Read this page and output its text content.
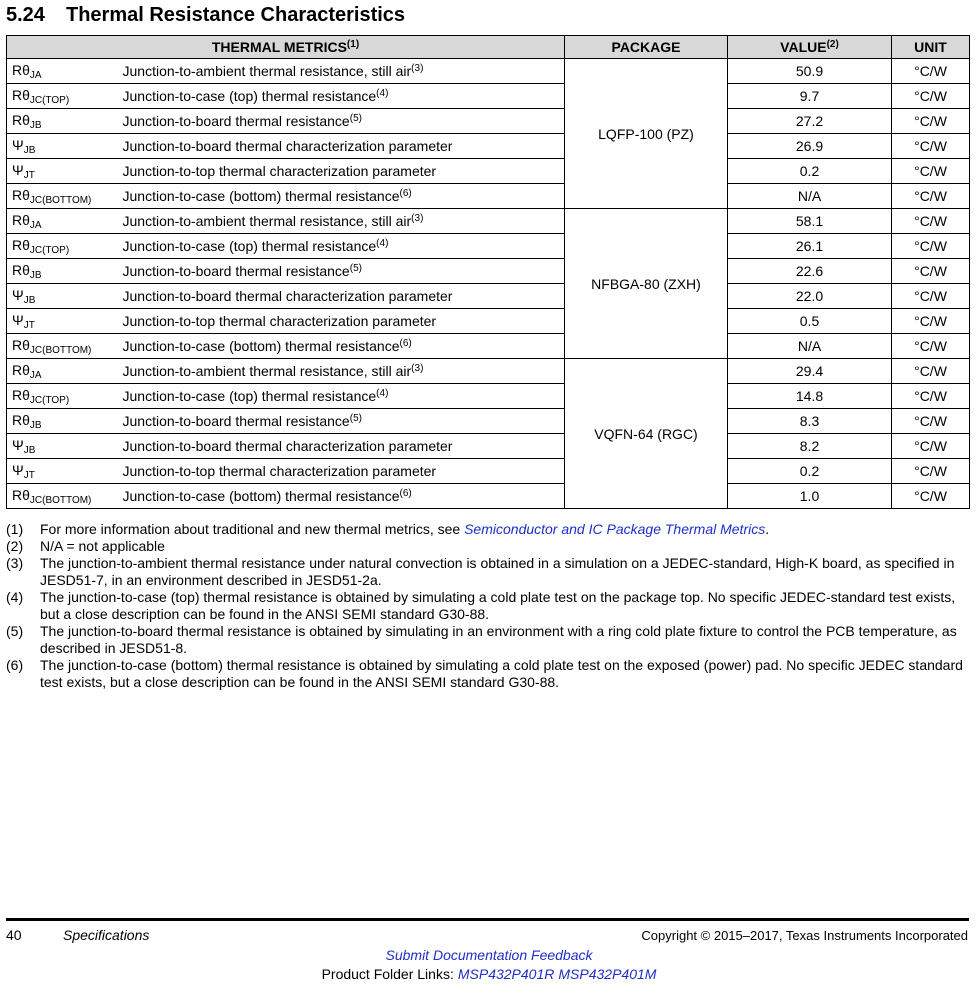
5.24 Thermal Resistance Characteristics
THERMAL METRICS$^{(1)}$		PACKAGE	VALUE$^{(2)}$	UNIT
$R\theta_{JA}$	Junction-to-ambient thermal resistance, still air$^{(3)}$	LQFP-100 (PZ)	50.9	°C/W
$R\theta_{JC(TOP)}$	Junction-to-case (top) thermal resistance$^{(4)}$		9.7	°C/W
$R\theta_{JB}$	Junction-to-board thermal resistance$^{(5)}$		27.2	°C/W
$\Psi_{JB}$	Junction-to-board thermal characterization parameter		26.9	°C/W
$\Psi_{JT}$	Junction-to-top thermal characterization parameter		0.2	°C/W
$R\theta_{JC(BOTTOM)}$	Junction-to-case (bottom) thermal resistance$^{(6)}$		N/A	°C/W
$R\theta_{JA}$	Junction-to-ambient thermal resistance, still air$^{(3)}$	NFBGA-80 (ZXH)	58.1	°C/W
$R\theta_{JC(TOP)}$	Junction-to-case (top) thermal resistance$^{(4)}$		26.1	°C/W
$R\theta_{JB}$	Junction-to-board thermal resistance$^{(5)}$		22.6	°C/W
$\Psi_{JB}$	Junction-to-board thermal characterization parameter		22.0	°C/W
$\Psi_{JT}$	Junction-to-top thermal characterization parameter		0.5	°C/W
$R\theta_{JC(BOTTOM)}$	Junction-to-case (bottom) thermal resistance$^{(6)}$		N/A	°C/W
$R\theta_{JA}$	Junction-to-ambient thermal resistance, still air$^{(3)}$	VQFN-64 (RGC)	29.4	°C/W
$R\theta_{JC(TOP)}$	Junction-to-case (top) thermal resistance$^{(4)}$		14.8	°C/W
$R\theta_{JB}$	Junction-to-board thermal resistance$^{(5)}$		8.3	°C/W
$\Psi_{JB}$	Junction-to-board thermal characterization parameter		8.2	°C/W
$\Psi_{JT}$	Junction-to-top thermal characterization parameter		0.2	°C/W
$R\theta_{JC(BOTTOM)}$	Junction-to-case (bottom) thermal resistance$^{(6)}$		1.0	°C/W
(1)	For more information about traditional and new thermal metrics, see Semiconductor and IC Package Thermal Metrics.
(2)	N/A = not applicable
(3)	The junction-to-ambient thermal resistance under natural convection is obtained in a simulation on a JEDEC-standard, High-K board, as specified in JESD51-7, in an environment described in JESD51-2a.
(4)	The junction-to-case (top) thermal resistance is obtained by simulating a cold plate test on the package top. No specific JEDEC-standard test exists, but a close description can be found in the ANSI SEMI standard G30-88.
(5)	The junction-to-board thermal resistance is obtained by simulating in an environment with a ring cold plate fixture to control the PCB temperature, as described in JESD51-8.
(6)	The junction-to-case (bottom) thermal resistance is obtained by simulating a cold plate test on the exposed (power) pad. No specific JEDEC standard test exists, but a close description can be found in the ANSI SEMI standard G30-88.
40	Specifications	Copyright © 2015–2017, Texas Instruments Incorporated
Submit Documentation Feedback
Product Folder Links: MSP432P401R MSP432P401M
